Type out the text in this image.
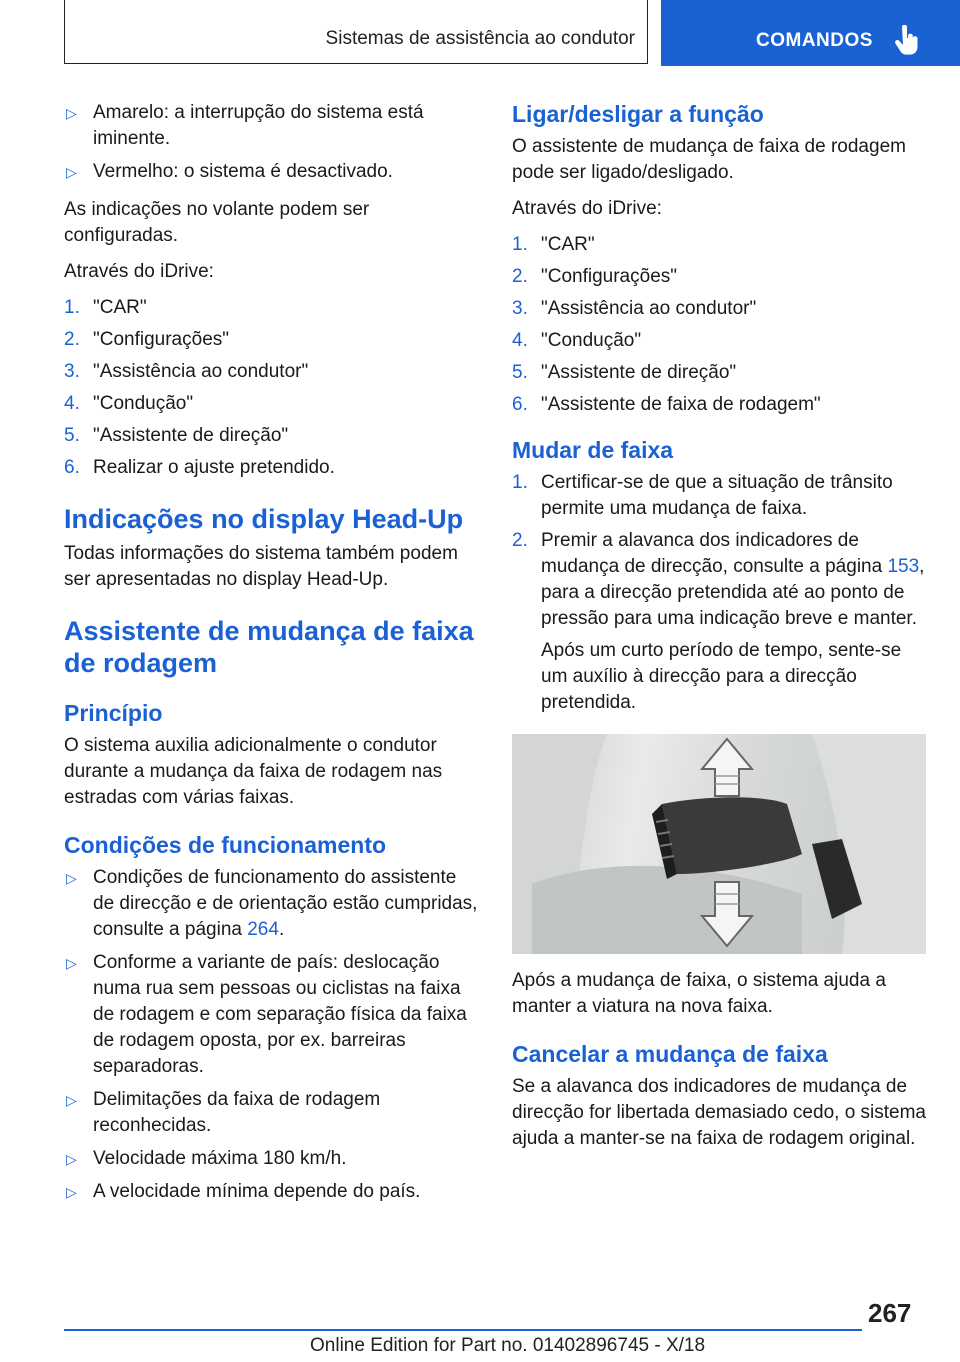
Sistemas de assistência ao condutor	COMANDOS
▷ Amarelo: a interrupção do sistema está iminente.
▷ Vermelho: o sistema é desactivado.

As indicações no volante podem ser configuradas.

Através do iDrive:

1. "CAR"
2. "Configurações"
3. "Assistência ao condutor"
4. "Condução"
5. "Assistente de direção"
6. Realizar o ajuste pretendido.
Indicações no display Head-Up

Todas informações do sistema também podem ser apresentadas no display Head-Up.

Assistente de mudança de faixa de rodagem
Princípio

O sistema auxilia adicionalmente o condutor durante a mudança da faixa de rodagem nas estradas com várias faixas.

Condições de funcionamento
▷ Condições de funcionamento do assistente de direcção e de orientação estão cumpridas, consulte a página 264.
▷ Conforme a variante de país: deslocação numa rua sem pessoas ou ciclistas na faixa de rodagem e com separação física da faixa de rodagem oposta, por ex. barreiras separadoras.
▷ Delimitações da faixa de rodagem reconhecidas.
▷ Velocidade máxima 180 km/h.
▷ A velocidade mínima depende do país.
Ligar/desligar a função

O assistente de mudança de faixa de rodagem pode ser ligado/desligado.

Através do iDrive:

1. "CAR"
2. "Configurações"
3. "Assistência ao condutor"
4. "Condução"
5. "Assistente de direção"
6. "Assistente de faixa de rodagem"
Mudar de faixa
1. Certificar-se de que a situação de trânsito permite uma mudança de faixa.
2. Premir a alavanca dos indicadores de mudança de direcção, consulte a página 153, para a direcção pretendida até ao ponto de pressão para uma indicação breve e manter.
Após um curto período de tempo, sente-se um auxílio à direcção para a direcção pretendida.

Após a mudança de faixa, o sistema ajuda a manter a viatura na nova faixa.

Cancelar a mudança de faixa

Se a alavanca dos indicadores de mudança de direcção for libertada demasiado cedo, o sistema ajuda a manter-se na faixa de rodagem original.

267
Online Edition for Part no. 01402896745 - X/18
